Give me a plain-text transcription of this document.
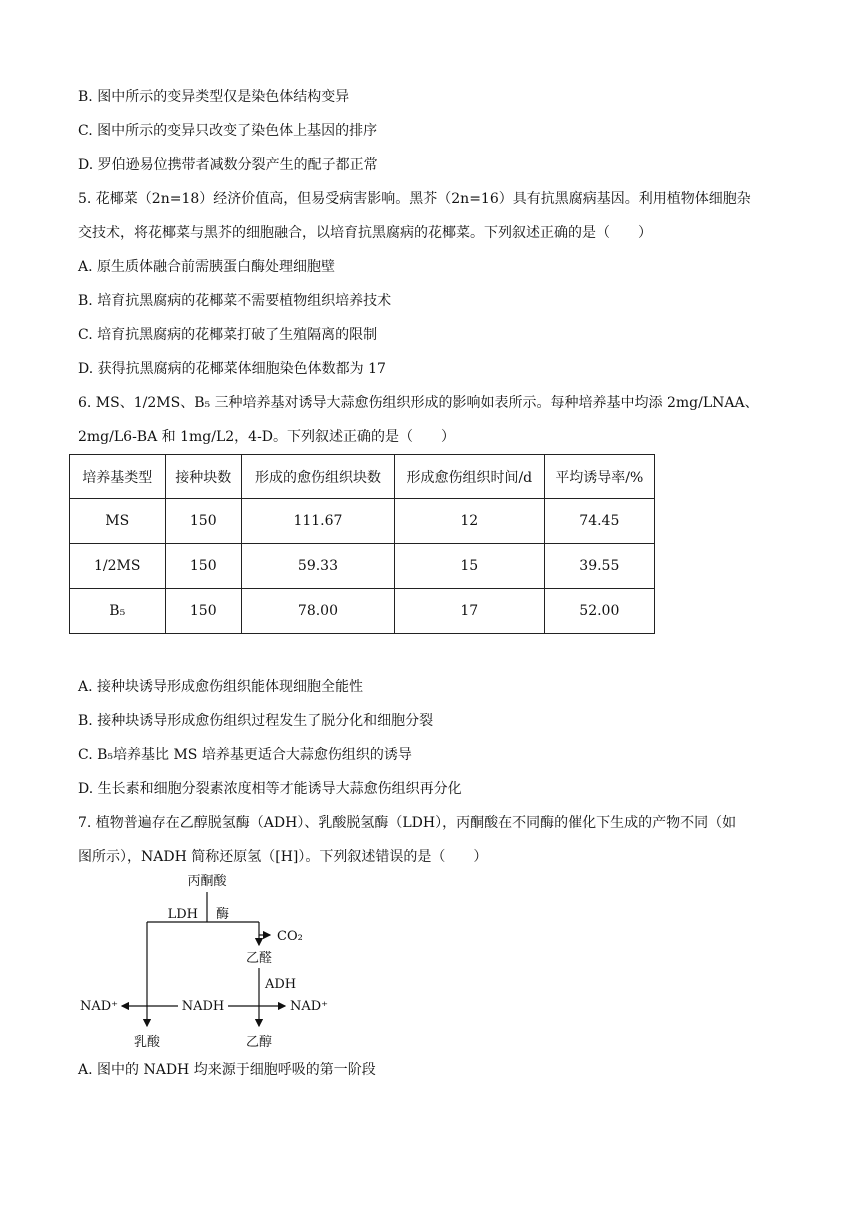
B. 图中所示的变异类型仅是染色体结构变异
C. 图中所示的变异只改变了染色体上基因的排序
D. 罗伯逊易位携带者减数分裂产生的配子都正常
5. 花椰菜（2n=18）经济价值高，但易受病害影响。黑芥（2n=16）具有抗黑腐病基因。利用植物体细胞杂
交技术，将花椰菜与黑芥的细胞融合，以培育抗黑腐病的花椰菜。下列叙述正确的是（　　）
A. 原生质体融合前需胰蛋白酶处理细胞壁
B. 培育抗黑腐病的花椰菜不需要植物组织培养技术
C. 培育抗黑腐病的花椰菜打破了生殖隔离的限制
D. 获得抗黑腐病的花椰菜体细胞染色体数都为 17
6. MS、1/2MS、B₅ 三种培养基对诱导大蒜愈伤组织形成的影响如表所示。每种培养基中均添 2mg/LNAA、
2mg/L6-BA 和 1mg/L2，4-D。下列叙述正确的是（　　）
培养基类型	接种块数	形成的愈伤组织块数	形成愈伤组织时间/d	平均诱导率/%
MS	150	111.67	12	74.45
1/2MS	150	59.33	15	39.55
B₅	150	78.00	17	52.00
A. 接种块诱导形成愈伤组织能体现细胞全能性
B. 接种块诱导形成愈伤组织过程发生了脱分化和细胞分裂
C. B₅培养基比 MS 培养基更适合大蒜愈伤组织的诱导
D. 生长素和细胞分裂素浓度相等才能诱导大蒜愈伤组织再分化
7. 植物普遍存在乙醇脱氢酶（ADH）、乳酸脱氢酶（LDH），丙酮酸在不同酶的催化下生成的产物不同（如
图所示），NADH 简称还原氢（[H]）。下列叙述错误的是（　　）
丙酮酸
LDH 酶
CO₂
乙醛
ADH
NAD⁺	NADH	NAD⁺
乳酸	乙醇
A. 图中的 NADH 均来源于细胞呼吸的第一阶段
